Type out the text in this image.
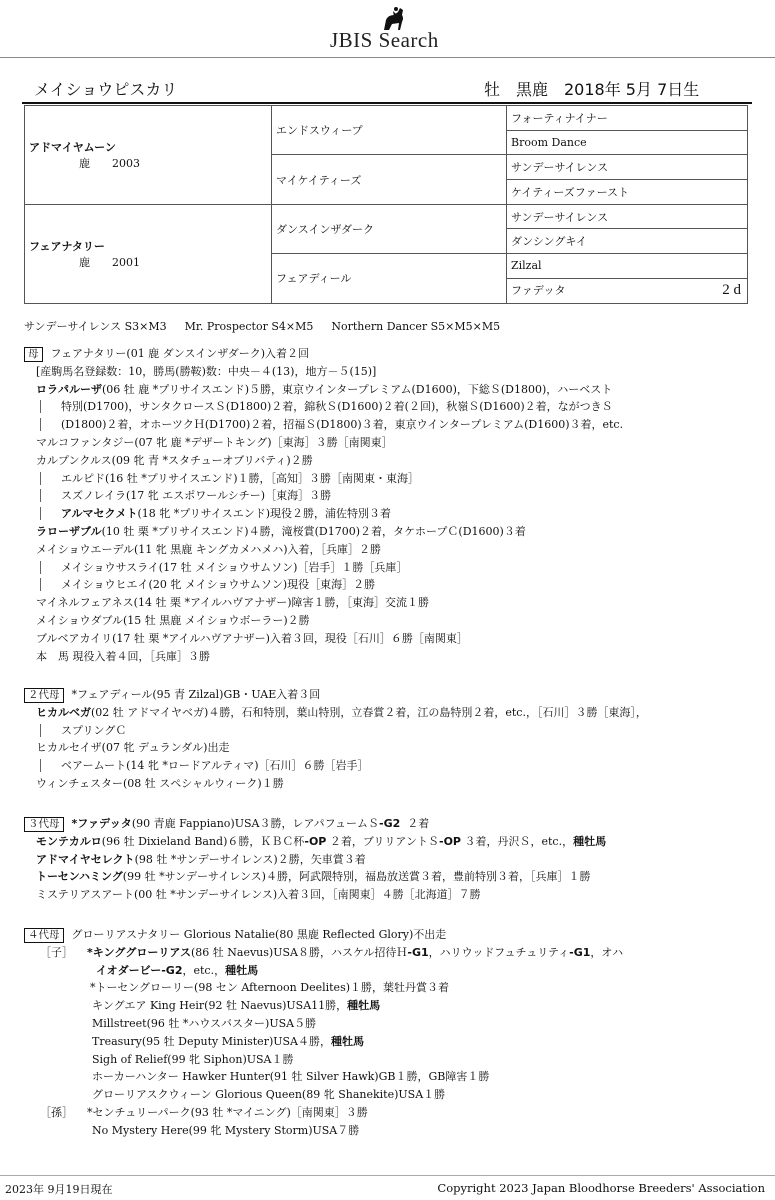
JBIS Search
メイショウピスカリ	牡　黒鹿　2018年 5月 7日生
アドマイヤムーン
鹿 2003	エンドスウィープ	フォーティナイナー
		Broom Dance
	マイケイティーズ	サンデーサイレンス
		ケイティーズファースト

フェアナタリー
鹿 2001	ダンスインザダーク	サンデーサイレンス
		ダンシングキイ
	フェアディール	Zilzal
		ファデッタ 2 d
サンデーサイレンス S3×M3 Mr. Prospector S4×M5 Northern Dancer S5×M5×M5
母 フェアナタリー(01 鹿 ダンスインザダーク)入着２回
[産駒馬名登録数：10，勝馬(勝鞍)数：中央－４(13)，地方－５(15)]
ロラパルーザ(06 牡 鹿 *プリサイスエンド)５勝，東京ウインタープレミアム(D1600)，下総Ｓ(D1800)，ハーベスト
特別(D1700)，サンタクロースＳ(D1800)２着，錦秋Ｓ(D1600)２着(２回)，秋嶺Ｓ(D1600)２着，ながつきＳ
(D1800)２着，オホーツクＨ(D1700)２着，招福Ｓ(D1800)３着，東京ウインタープレミアム(D1600)３着，etc.
マルコファンタジー(07 牝 鹿 *デザートキング)［東海］３勝［南関東］
カルプンクルス(09 牝 青 *スタチューオブリバティ)２勝
エルピド(16 牡 *プリサイスエンド)１勝，［高知］３勝［南関東・東海］
スズノレイラ(17 牝 エスポワールシチー)［東海］３勝
アルマセクメト(18 牝 *プリサイスエンド)現役２勝，浦佐特別３着
ラローザブル(10 牡 栗 *プリサイスエンド)４勝，滝桜賞(D1700)２着，タケホープＣ(D1600)３着
メイショウエーデル(11 牝 黒鹿 キングカメハメハ)入着，［兵庫］２勝
メイショウサスライ(17 牡 メイショウサムソン)［岩手］１勝［兵庫］
メイショウヒエイ(20 牝 メイショウサムソン)現役［東海］２勝
マイネルフェアネス(14 牡 栗 *アイルハヴアナザー)障害１勝，［東海］交流１勝
メイショウダブル(15 牡 黒鹿 メイショウボーラー)２勝
ブルベアカイリ(17 牡 栗 *アイルハヴアナザー)入着３回，現役［石川］６勝［南関東］
本　馬 現役入着４回，［兵庫］３勝
２代母 *フェアディール(95 青 Zilzal)GB・UAE入着３回
ヒカルベガ(02 牡 アドマイヤベガ)４勝，石和特別，葉山特別，立春賞２着，江の島特別２着，etc.，［石川］３勝［東海］，
スプリングＣ
ヒカルセイザ(07 牝 デュランダル)出走
ベアームート(14 牝 *ロードアルティマ)［石川］６勝［岩手］
ウィンチェスター(08 牡 スペシャルウィーク)１勝
３代母 *ファデッタ(90 青鹿 Fappiano)USA３勝，レアパフュームＳ-G2 ２着
モンテカルロ(96 牡 Dixieland Band)６勝，ＫＢＣ杯-OP ２着，ブリリアントＳ-OP ３着，丹沢Ｓ，etc.，種牡馬
アドマイヤセレクト(98 牡 *サンデーサイレンス)２勝，矢車賞３着
トーセンハミング(99 牡 *サンデーサイレンス)４勝，阿武隈特別，福島放送賞３着，豊前特別３着，［兵庫］１勝
ミステリアスアート(00 牡 *サンデーサイレンス)入着３回，［南関東］４勝［北海道］７勝
４代母 グローリアスナタリー Glorious Natalie(80 黒鹿 Reflected Glory)不出走
［子］ *キンググローリアス(86 牡 Naevus)USA８勝，ハスケル招待Ｈ-G1，ハリウッドフュチュリティ-G1，オハ
イオダービー-G2，etc.，種牡馬
*トーセングローリー(98 セン Afternoon Deelites)１勝，葉牡丹賞３着
キングエア King Heir(92 牡 Naevus)USA11勝，種牡馬
Millstreet(96 牡 *ハウスバスター)USA５勝
Treasury(95 牡 Deputy Minister)USA４勝，種牡馬
Sigh of Relief(99 牝 Siphon)USA１勝
ホーカーハンター Hawker Hunter(91 牡 Silver Hawk)GB１勝，GB障害１勝
グローリアスクウィーン Glorious Queen(89 牝 Shanekite)USA１勝
［孫］ *センチュリーパーク(93 牡 *マイニング)［南関東］３勝
No Mystery Here(99 牝 Mystery Storm)USA７勝
2023年 9月19日現在	Copyright 2023 Japan Bloodhorse Breeders' Association
